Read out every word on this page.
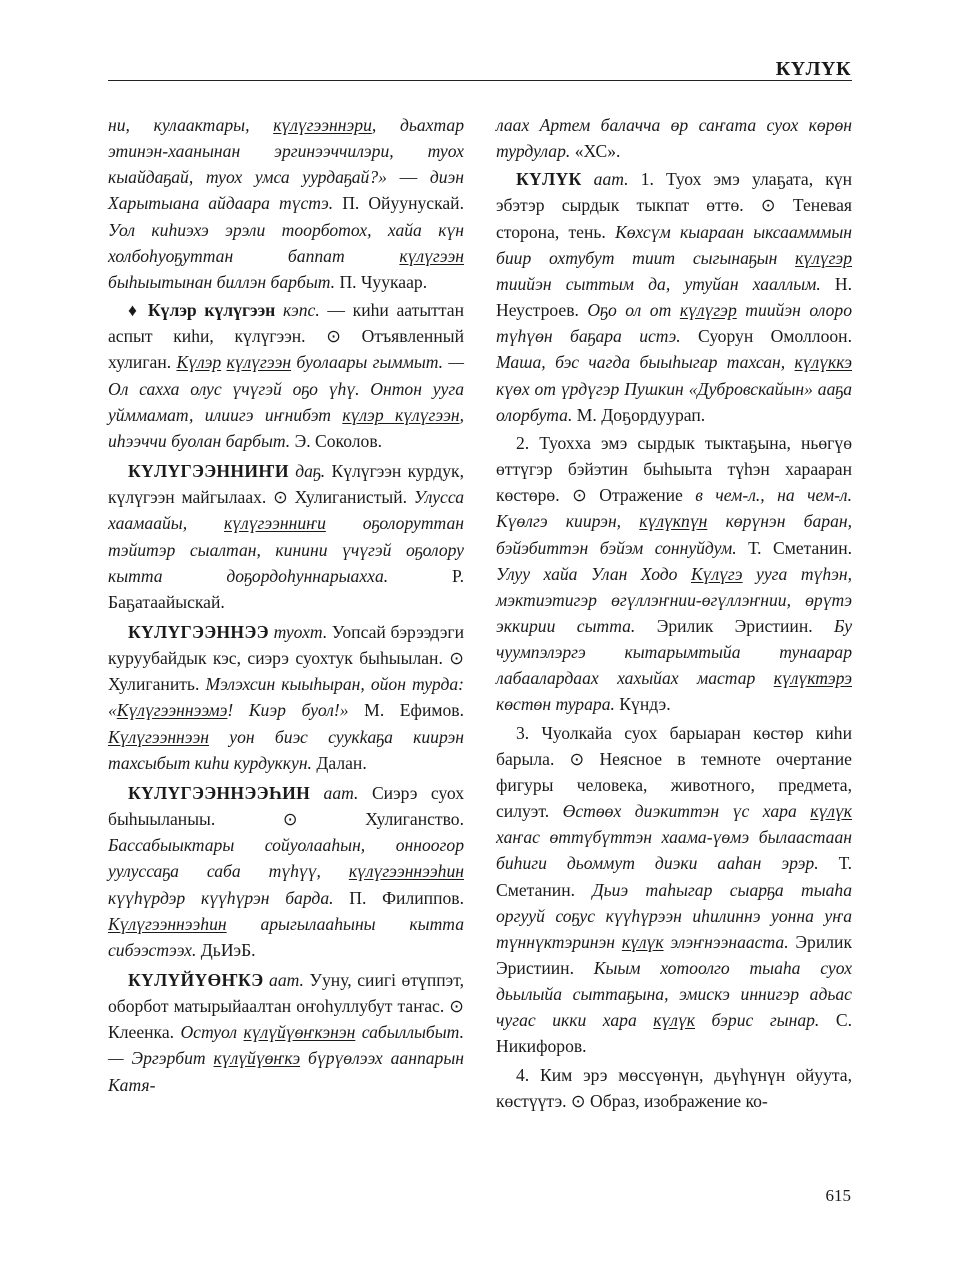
КҮЛҮК

ни, кулаактары, күлүгээннэри, дьахтар этинэн-хаанынан эргинээччилэри, туох кыайдаҕай, туох умса уурдаҕай?» — диэн Харытыана айдаара түстэ. П. Ойуунускай. Уол киһиэхэ эрэли тоорботох, хайа күн холбоһуоҕуттан баппат күлүгээн быһыытынан биллэн барбыт. П. Чуукаар.

♦ Күлэр күлүгээн кэпс. — киһи аатыттан аспыт киһи, күлүгээн. ⊙ Отъявленный хулиган. Күлэр күлүгээн буолаары гыммыт. — Ол сахха олус үчүгэй оҕо үһү. Онтон ууга уйммамат, илиигэ иҥнибэт күлэр күлүгээн, иһээччи буолан барбыт. Э. Соколов.

КҮЛҮГЭЭННИҤИ даҕ. Күлүгээн курдук, күлүгээн майгылаах. ⊙ Хулиганистый. Улусса хаамаайы, күлүгээнниҥи оҕолоруттан тэйитэр сыалтан, кинини үчүгэй оҕолору кытта доҕордоһуннарыаххa. Р. Баҕатаайыскай.

КҮЛҮГЭЭННЭЭ туохт. Уопсай бэрээдэги куруубайдык кэс, сиэрэ суохтук быһыылан. ⊙ Хулиганить. Мэлэхсин кыыһыран, ойон турда: «Күлүгээннээмэ! Киэр буол!» М. Ефимов. Күлүгээннээн уон биэс суукkаҕа киирэн тахсыбыт киһи курдуккун. Далан.

КҮЛҮГЭЭННЭЭҺИН аат. Сиэрэ суох быһыыланыы. ⊙ Хулиганство. Бассабыыктары сойуолааһын, онноогор уулуссаҕа саба түһүү, күлүгээннээһин күүһүрдэр күүһүрэн барда. П. Филиппов. Күлүгээннээһин арыгылааһыны кытта сибээстээх. ДьИэБ.

КҮЛҮЙҮӨҤКЭ аат. Ууну, сиигі өтүппэт, оборбот матырыйаалтан оҥоһуллубут таҥас. ⊙ Клеенка. Остуол күлүйүөҥкэнэн сабыллыбыт. — Эргэрбит күлүйүөҥкэ бүрүөлээх аанnарын Катя-

лаах Артем балачча өр саҥата суох көрөн турдулар. «ХС».

КҮЛҮК аат. 1. Туох эмэ улаҕата, күн эбэтэр сырдык тыкпат өттө. ⊙ Теневая сторона, тень. Көхсүм кыараан ыксаамммын биир охтубут тиит сыгынаҕын күлүгэр тиийэн сыттым да, утуйан хааллым. Н. Неустроев. Оҕо ол от күлүгэр тиийэн олоро түһүөн баҕара истэ. Суорун Омоллоон. Маша, бэс чагда быыһыгар тахсан, күлүккэ күөх от үрдүгэр Пушкин «Дубровскайын» ааҕа олорбута. М. Доҕордуурап.

2. Туохха эмэ сырдык тыктаҕына, ньөгүө өттүгэр бэйэтин быһыыта түһэн хараaран көстөрө. ⊙ Отражение в чем-л., на чем-л. Күөлгэ киирэн, күлүкпүн көрүнэн баран, бэйэбиттэн бэйэм соннуйдум. Т. Сметанин. Улуу хайа Улан Ходо Күлүгэ ууга түһэн, мэктиэтигэр өгүллэҥнии-өгүллэҥнии, өрүтэ эккирии сытта. Эрилик Эристиин. Бу чуумпэлэргэ кытарымтыйа тунаарар лабаалардаах хахыйах мастар күлүктэрэ көстөн турара. Күндэ.

3. Чуолкайа суох барыаран көстөр киһи барыла. ⊙ Неясное в темноте очертание фигуры человека, животного, предмета, силуэт. Өстөөх диэкиттэн үс хара күлүк хаҥас өттүбүттэн хаама-үөмэ былаастаан биһиги дьоммут диэки ааһан эрэр. Т. Сметанин. Дьиэ таһыгар сыарҕа тыаһа оргууй соҕус күүһүрээн иһилиннэ уонна уҥа түннүктэринэн күлүк элэҥнээнааста. Эрилик Эристиин. Кыым хотоолго тыаһа суох дьылыйа сыттаҕына, эмискэ иннигэр адьас чугас икки хара күлүк бэрис гынар. С. Никифоров.

4. Ким эрэ мөссүөнүн, дьүһүнүн ойуута, көстүүтэ. ⊙ Образ, изображение ко-

615
